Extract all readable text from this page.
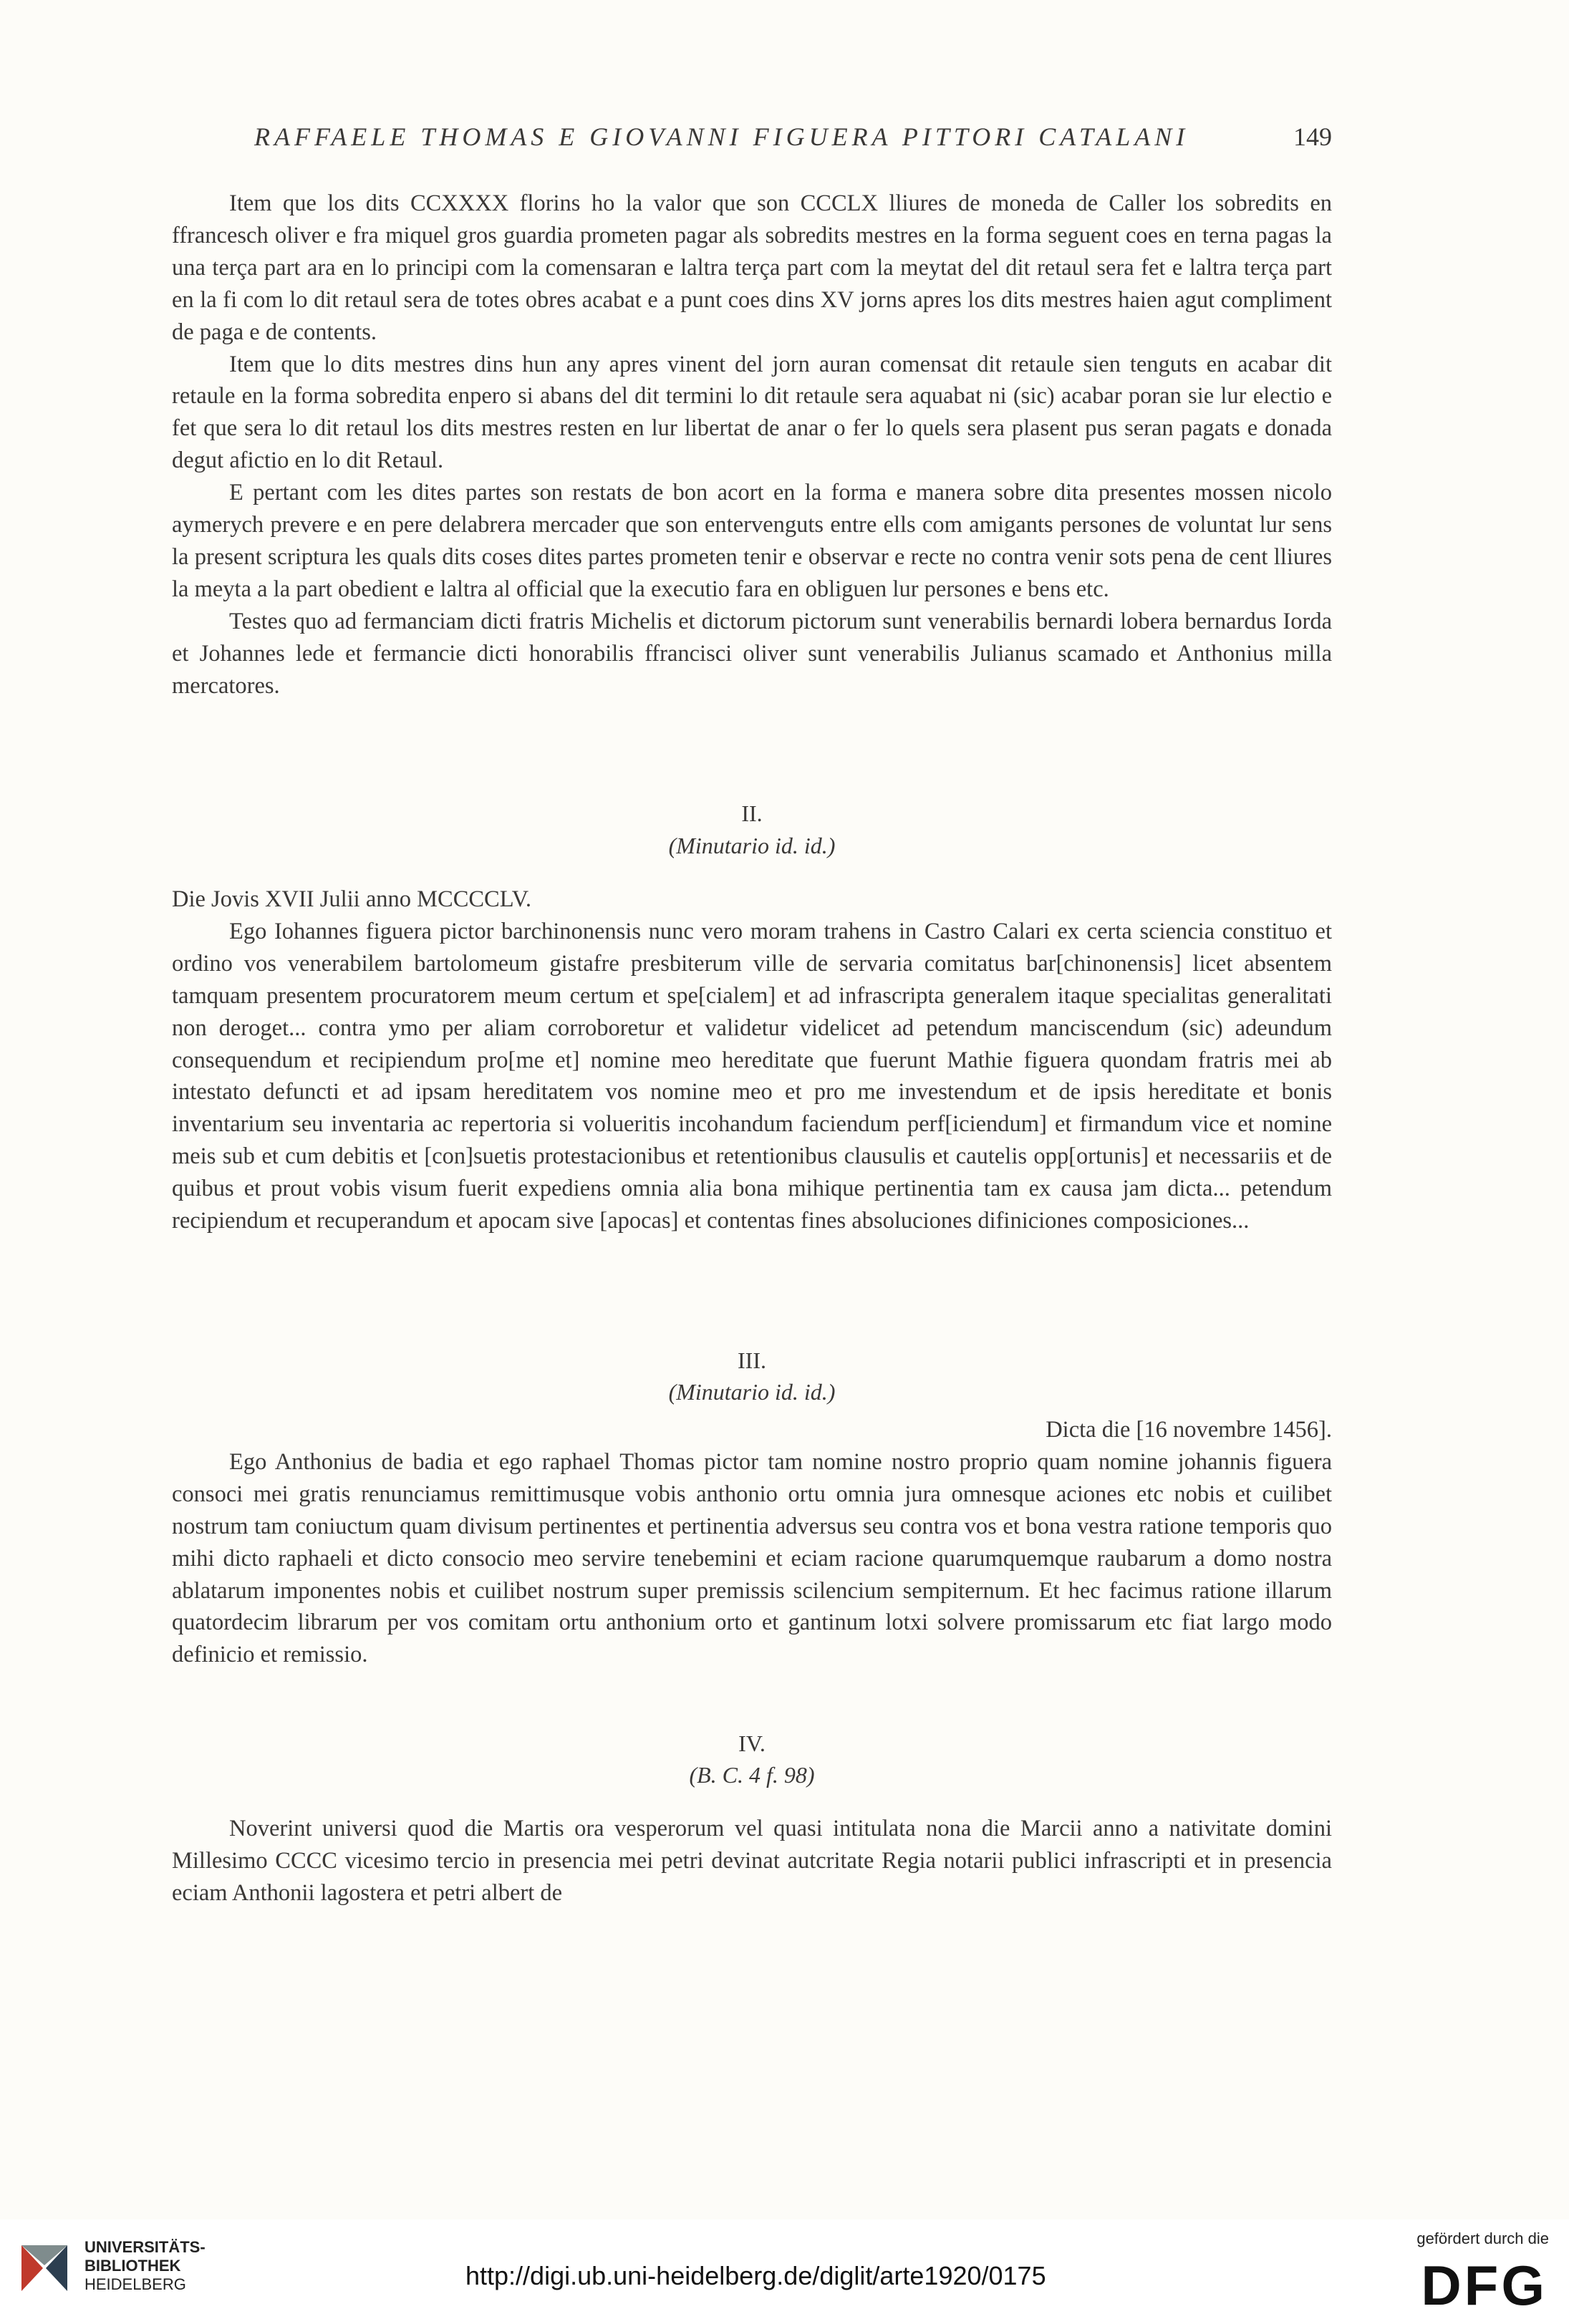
RAFFAELE THOMAS E GIOVANNI FIGUERA PITTORI CATALANI	149

Item que los dits CCXXXX florins ho la valor que son CCCLX lliures de moneda de Caller los sobredits en ffrancesch oliver e fra miquel gros guardia prometen pagar als sobredits mestres en la forma seguent coes en terna pagas la una terça part ara en lo principi com la comensaran e laltra terça part com la meytat del dit retaul sera fet e laltra terça part en la fi com lo dit retaul sera de totes obres acabat e a punt coes dins XV jorns apres los dits mestres haien agut compliment de paga e de contents.

Item que lo dits mestres dins hun any apres vinent del jorn auran comensat dit retaule sien tenguts en acabar dit retaule en la forma sobredita enpero si abans del dit termini lo dit retaule sera aquabat ni (sic) acabar poran sie lur electio e fet que sera lo dit retaul los dits mestres resten en lur libertat de anar o fer lo quels sera plasent pus seran pagats e donada degut afictio en lo dit Retaul.

E pertant com les dites partes son restats de bon acort en la forma e manera sobre dita presentes mossen nicolo aymerych prevere e en pere delabrera mercader que son entervenguts entre ells com amigants persones de voluntat lur sens la present scriptura les quals dits coses dites partes prometen tenir e observar e recte no contra venir sots pena de cent lliures la meyta a la part obedient e laltra al official que la executio fara en obliguen lur persones e bens etc.

Testes quo ad fermanciam dicti fratris Michelis et dictorum pictorum sunt venerabilis bernardi lobera bernardus Iorda et Johannes lede et fermancie dicti honorabilis ffrancisci oliver sunt venerabilis Julianus scamado et Anthonius milla mercatores.

II.
(Minutario id. id.)

Die Jovis XVII Julii anno MCCCCLV.

Ego Iohannes figuera pictor barchinonensis nunc vero moram trahens in Castro Calari ex certa sciencia constituo et ordino vos venerabilem bartolomeum gistafre presbiterum ville de servaria comitatus bar[chinonensis] licet absentem tamquam presentem procuratorem meum certum et spe[cialem] et ad infrascripta generalem itaque specialitas generalitati non deroget... contra ymo per aliam corroboretur et validetur videlicet ad petendum manciscendum (sic) adeundum consequendum et recipiendum pro[me et] nomine meo hereditate que fuerunt Mathie figuera quondam fratris mei ab intestato defuncti et ad ipsam hereditatem vos nomine meo et pro me investendum et de ipsis hereditate et bonis inventarium seu inventaria ac repertoria si volueritis incohandum faciendum perf[iciendum] et firmandum vice et nomine meis sub et cum debitis et [con]suetis protestacionibus et retentionibus clausulis et cautelis opp[ortunis] et necessariis et de quibus et prout vobis visum fuerit expediens omnia alia bona mihique pertinentia tam ex causa jam dicta... petendum recipiendum et recuperandum et apocam sive [apocas] et contentas fines absoluciones difiniciones composiciones...

III.
(Minutario id. id.)

Dicta die [16 novembre 1456].

Ego Anthonius de badia et ego raphael Thomas pictor tam nomine nostro proprio quam nomine johannis figuera consoci mei gratis renunciamus remittimusque vobis anthonio ortu omnia jura omnesque aciones etc nobis et cuilibet nostrum tam coniuctum quam divisum pertinentes et pertinentia adversus seu contra vos et bona vestra ratione temporis quo mihi dicto raphaeli et dicto consocio meo servire tenebemini et eciam racione quarumquemque raubarum a domo nostra ablatarum imponentes nobis et cuilibet nostrum super premissis scilencium sempiternum. Et hec facimus ratione illarum quatordecim librarum per vos comitam ortu anthonium orto et gantinum lotxi solvere promissarum etc fiat largo modo definicio et remissio.

IV.
(B. C. 4 f. 98)

Noverint universi quod die Martis ora vesperorum vel quasi intitulata nona die Marcii anno a nativitate domini Millesimo CCCC vicesimo tercio in presencia mei petri devinat autcritate Regia notarii publici infrascripti et in presencia eciam Anthonii lagostera et petri albert de

UNIVERSITÄTS-
BIBLIOTHEK
HEIDELBERG	http://digi.ub.uni-heidelberg.de/diglit/arte1920/0175
gefördert durch die
DFG
